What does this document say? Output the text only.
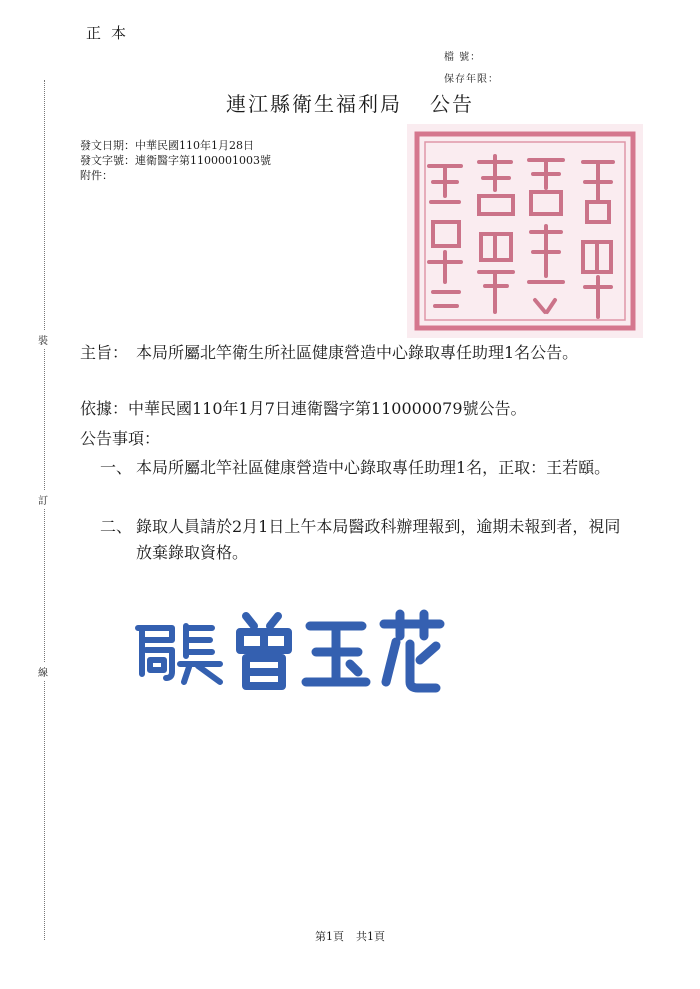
正本
檔 號：
保存年限：
連江縣衛生福利局 公告
發文日期：中華民國110年1月28日
發文字號：連衛醫字第1100001003號
附件：
裝
訂
線
主旨： 本局所屬北竿衛生所社區健康營造中心錄取專任助理1名公告。
依據：中華民國110年1月7日連衛醫字第110000079號公告。
公告事項：
一、 本局所屬北竿社區健康營造中心錄取專任助理1名，正取：王若頤。
二、 錄取人員請於2月1日上午本局醫政科辦理報到，逾期未報到者，視同放棄錄取資格。
第1頁 共1頁
